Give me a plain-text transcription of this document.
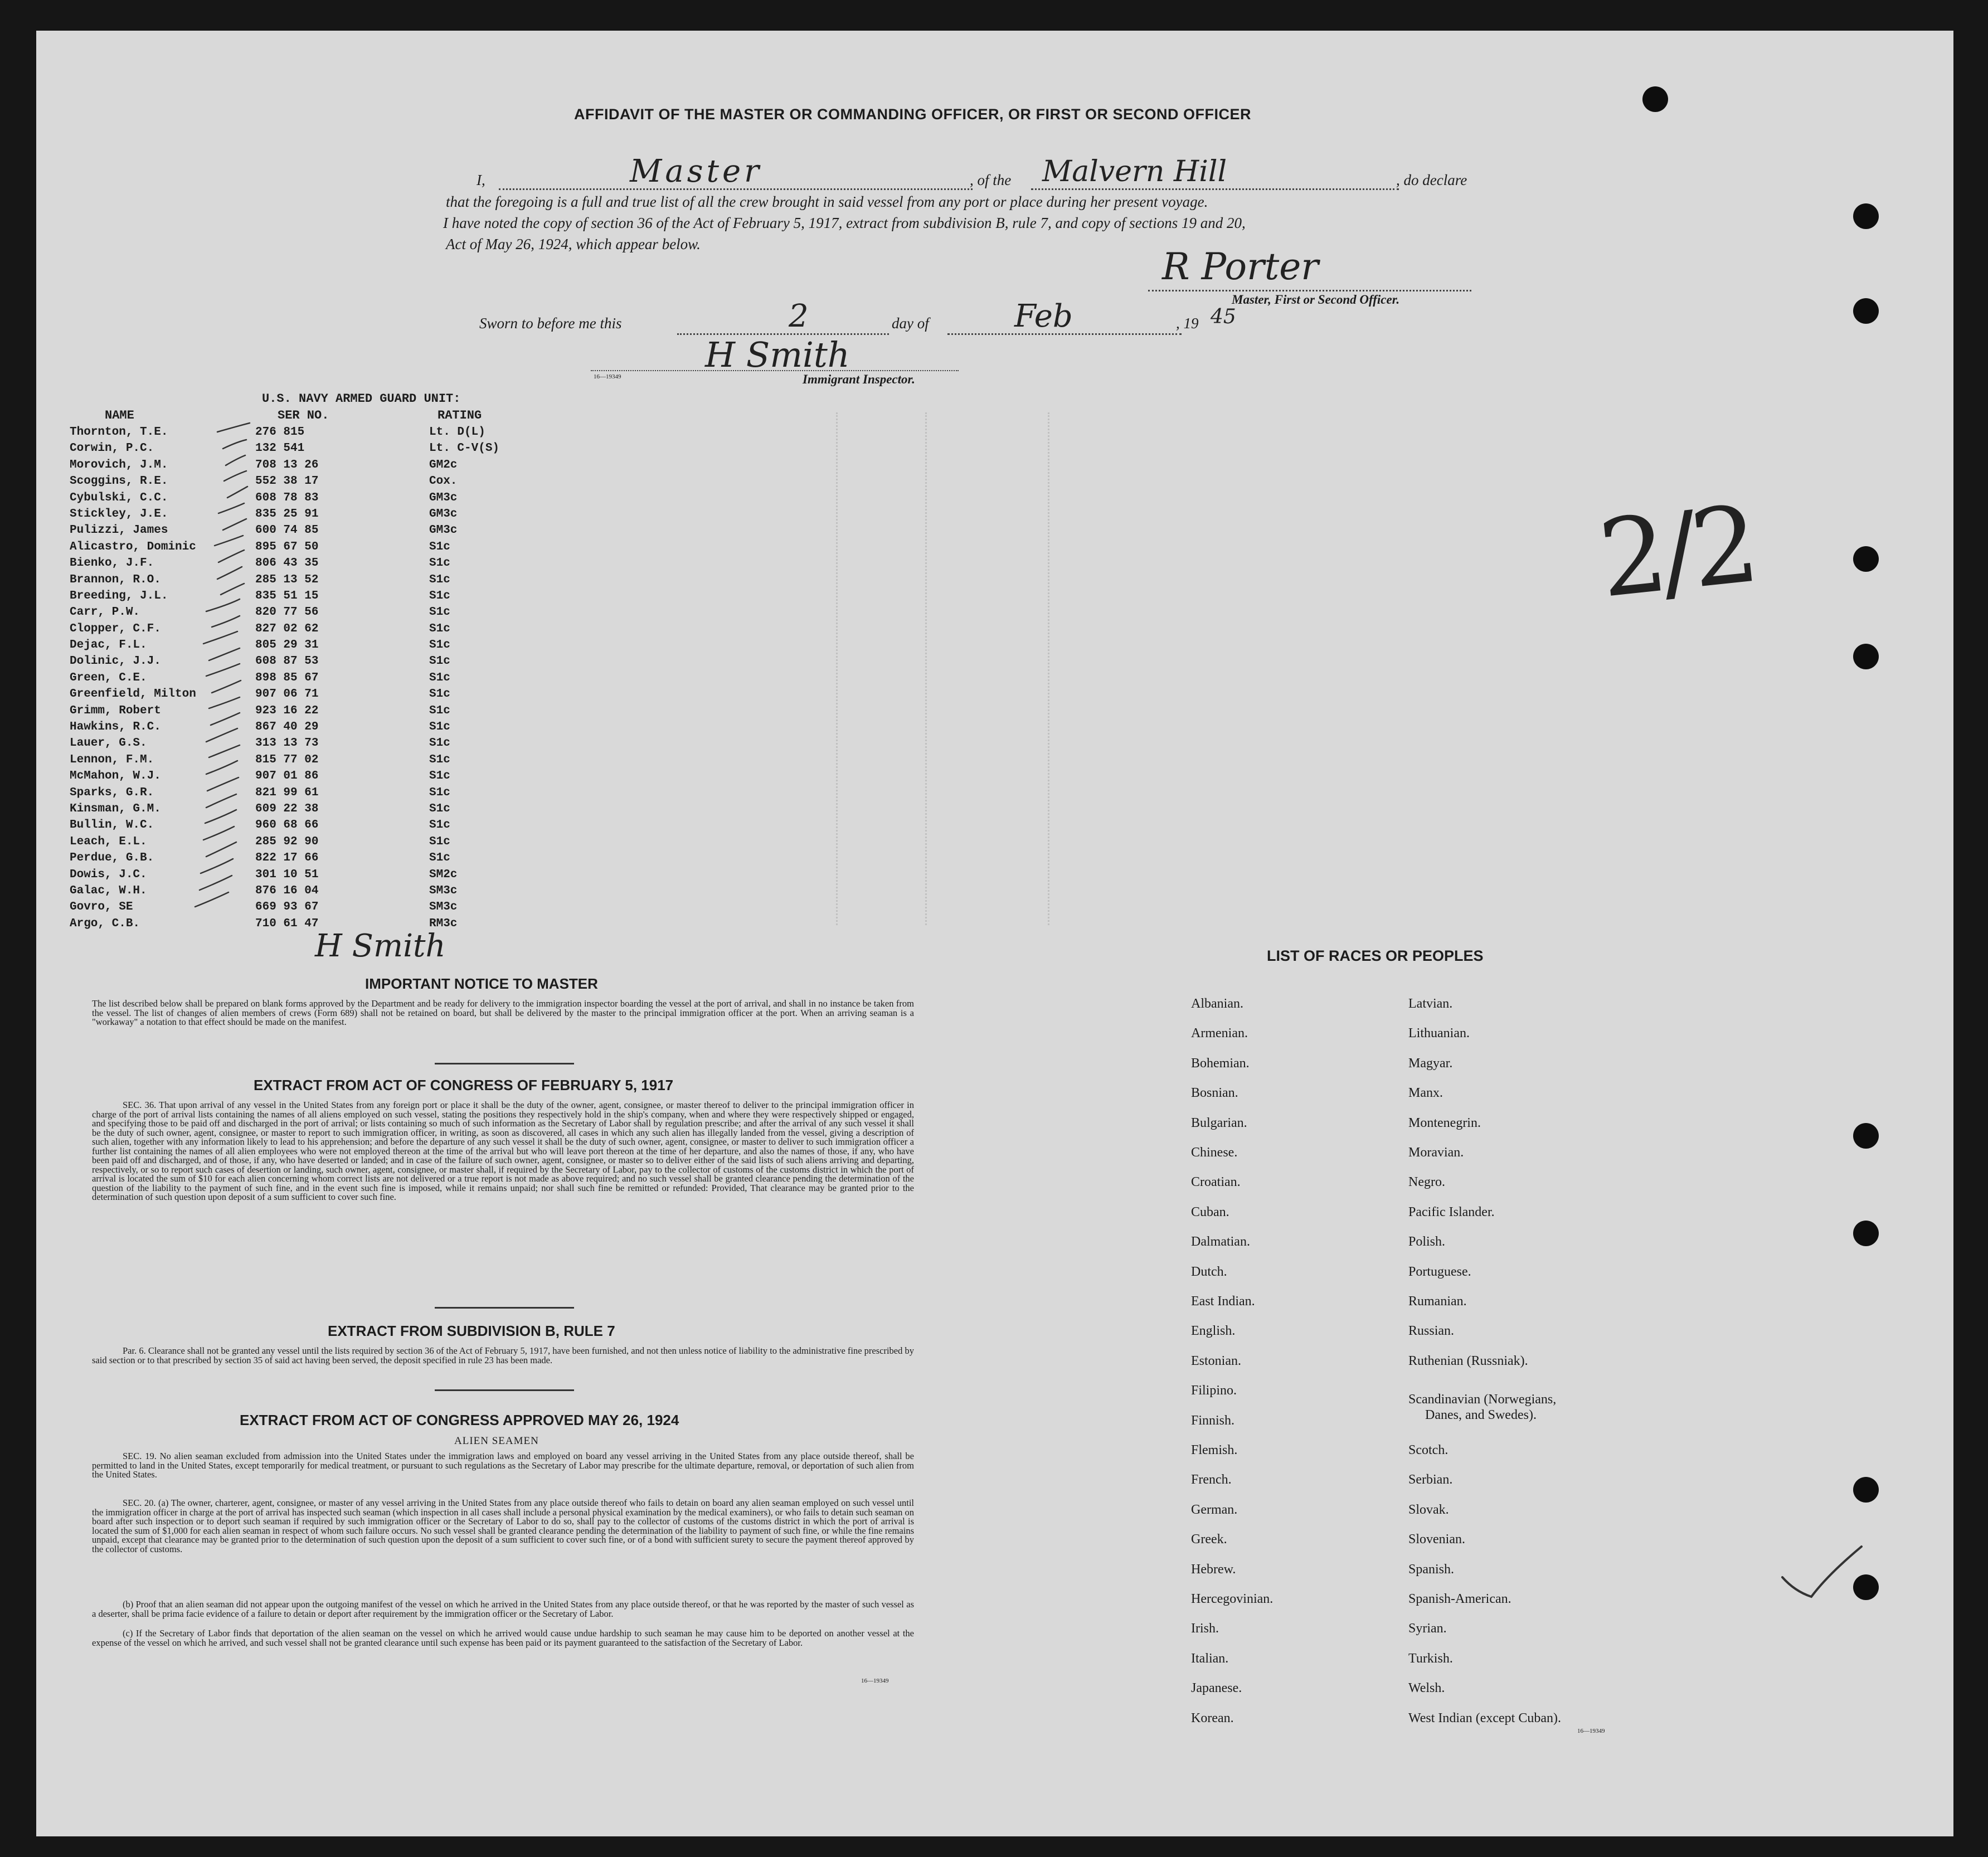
AFFIDAVIT OF THE MASTER OR COMMANDING OFFICER, OR FIRST OR SECOND OFFICER
I,	Master	, of the Malvern Hill	, do declare
that the foregoing is a full and true list of all the crew brought in said vessel from any port or place during her present voyage.
I have noted the copy of section 36 of the Act of February 5, 1917, extract from subdivision B, rule 7, and copy of sections 19 and 20,
Act of May 26, 1924, which appear below.
R Porter
Master, First or Second Officer.
Sworn to before me this	2	day of	Feb	, 19 45
H Smith
16—19349	Immigrant Inspector.
U.S. NAVY ARMED GUARD UNIT:
NAME	SER NO.	RATING
Thornton, T.E.	276 815	Lt. D(L)
Corwin, P.C.	132 541	Lt. C-V(S)
Morovich, J.M.	708 13 26	GM2c
Scoggins, R.E.	552 38 17	Cox.
Cybulski, C.C.	608 78 83	GM3c
Stickley, J.E.	835 25 91	GM3c
Pulizzi, James	600 74 85	GM3c
Alicastro, Dominic	895 67 50	S1c
Bienko, J.F.	806 43 35	S1c
Brannon, R.O.	285 13 52	S1c
Breeding, J.L.	835 51 15	S1c
Carr, P.W.	820 77 56	S1c
Clopper, C.F.	827 02 62	S1c
Dejac, F.L.	805 29 31	S1c
Dolinic, J.J.	608 87 53	S1c
Green, C.E.	898 85 67	S1c
Greenfield, Milton	907 06 71	S1c
Grimm, Robert	923 16 22	S1c
Hawkins, R.C.	867 40 29	S1c
Lauer, G.S.	313 13 73	S1c
Lennon, F.M.	815 77 02	S1c
McMahon, W.J.	907 01 86	S1c
Sparks, G.R.	821 99 61	S1c
Kinsman, G.M.	609 22 38	S1c
Bullin, W.C.	960 68 66	S1c
Leach, E.L.	285 92 90	S1c
Perdue, G.B.	822 17 66	S1c
Dowis, J.C.	301 10 51	SM2c
Galac, W.H.	876 16 04	SM3c
Govro, SE	669 93 67	SM3c
Argo, C.B.	710 61 47	RM3c
H Smith
2/2
IMPORTANT NOTICE TO MASTER
The list described below shall be prepared on blank forms approved by the Department and be ready for delivery to the immigration inspector boarding the vessel at the port of arrival, and shall in no instance be taken from the vessel. The list of changes of alien members of crews (Form 689) shall not be retained on board, but shall be delivered by the master to the principal immigration officer at the port. When an arriving seaman is a "workaway" a notation to that effect should be made on the manifest.
EXTRACT FROM ACT OF CONGRESS OF FEBRUARY 5, 1917
SEC. 36. That upon arrival of any vessel in the United States from any foreign port or place it shall be the duty of the owner, agent, consignee, or master thereof to deliver to the principal immigration officer in charge of the port of arrival lists containing the names of all aliens employed on such vessel, stating the positions they respectively hold in the ship's company, when and where they were respectively shipped or engaged, and specifying those to be paid off and discharged in the port of arrival; or lists containing so much of such information as the Secretary of Labor shall by regulation prescribe; and after the arrival of any such vessel it shall be the duty of such owner, agent, consignee, or master to report to such immigration officer, in writing, as soon as discovered, all cases in which any such alien has illegally landed from the vessel, giving a description of such alien, together with any information likely to lead to his apprehension; and before the departure of any such vessel it shall be the duty of such owner, agent, consignee, or master to deliver to such immigration officer a further list containing the names of all alien employees who were not employed thereon at the time of the arrival but who will leave port thereon at the time of her departure, and also the names of those, if any, who have been paid off and discharged, and of those, if any, who have deserted or landed; and in case of the failure of such owner, agent, consignee, or master so to deliver either of the said lists of such aliens arriving and departing, respectively, or so to report such cases of desertion or landing, such owner, agent, consignee, or master shall, if required by the Secretary of Labor, pay to the collector of customs of the customs district in which the port of arrival is located the sum of $10 for each alien concerning whom correct lists are not delivered or a true report is not made as above required; and no such vessel shall be granted clearance pending the determination of the question of the liability to the payment of such fine, and in the event such fine is imposed, while it remains unpaid; nor shall such fine be remitted or refunded: Provided, That clearance may be granted prior to the determination of such question upon deposit of a sum sufficient to cover such fine.
EXTRACT FROM SUBDIVISION B, RULE 7
Par. 6. Clearance shall not be granted any vessel until the lists required by section 36 of the Act of February 5, 1917, have been furnished, and not then unless notice of liability to the administrative fine prescribed by said section or to that prescribed by section 35 of said act having been served, the deposit specified in rule 23 has been made.
EXTRACT FROM ACT OF CONGRESS APPROVED MAY 26, 1924
ALIEN SEAMEN
SEC. 19. No alien seaman excluded from admission into the United States under the immigration laws and employed on board any vessel arriving in the United States from any place outside thereof, shall be permitted to land in the United States, except temporarily for medical treatment, or pursuant to such regulations as the Secretary of Labor may prescribe for the ultimate departure, removal, or deportation of such alien from the United States.
SEC. 20. (a) The owner, charterer, agent, consignee, or master of any vessel arriving in the United States from any place outside thereof who fails to detain on board any alien seaman employed on such vessel until the immigration officer in charge at the port of arrival has inspected such seaman (which inspection in all cases shall include a personal physical examination by the medical examiners), or who fails to detain such seaman on board after such inspection or to deport such seaman if required by such immigration officer or the Secretary of Labor to do so, shall pay to the collector of customs of the customs district in which the port of arrival is located the sum of $1,000 for each alien seaman in respect of whom such failure occurs. No such vessel shall be granted clearance pending the determination of the liability to payment of such fine, or while the fine remains unpaid, except that clearance may be granted prior to the determination of such question upon the deposit of a sum sufficient to cover such fine, or of a bond with sufficient surety to secure the payment thereof approved by the collector of customs.
(b) Proof that an alien seaman did not appear upon the outgoing manifest of the vessel on which he arrived in the United States from any place outside thereof, or that he was reported by the master of such vessel as a deserter, shall be prima facie evidence of a failure to detain or deport after requirement by the immigration officer or the Secretary of Labor.
(c) If the Secretary of Labor finds that deportation of the alien seaman on the vessel on which he arrived would cause undue hardship to such seaman he may cause him to be deported on another vessel at the expense of the vessel on which he arrived, and such vessel shall not be granted clearance until such expense has been paid or its payment guaranteed to the satisfaction of the Secretary of Labor.
16—19349
LIST OF RACES OR PEOPLES
Albanian.
Armenian.
Bohemian.
Bosnian.
Bulgarian.
Chinese.
Croatian.
Cuban.
Dalmatian.
Dutch.
East Indian.
English.
Estonian.
Filipino.
Finnish.
Flemish.
French.
German.
Greek.
Hebrew.
Hercegovinian.
Irish.
Italian.
Japanese.
Korean.
Latvian.
Lithuanian.
Magyar.
Manx.
Montenegrin.
Moravian.
Negro.
Pacific Islander.
Polish.
Portuguese.
Rumanian.
Russian.
Ruthenian (Russniak).
Scandinavian (Norwegians,
Danes, and Swedes).
Scotch.
Serbian.
Slovak.
Slovenian.
Spanish.
Spanish-American.
Syrian.
Turkish.
Welsh.
West Indian (except Cuban).
16—19349
